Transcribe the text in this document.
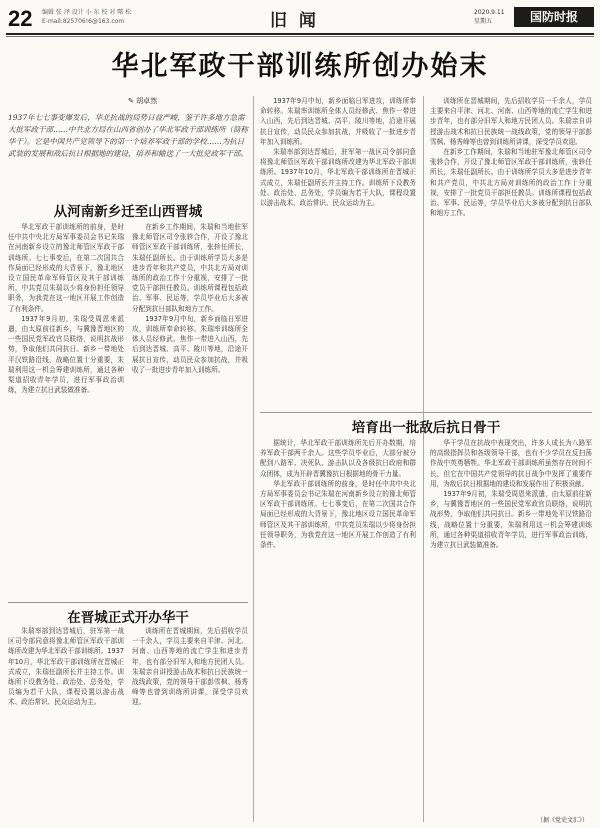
22 编辑 张 泽 设计 小 东 校 对 曙 松
E-mail:825706!6@163.com	旧 闻	2020.9.11
星期五	国防时报
华北军政干部训练所创办始末
✎ 胡卓然
1937年七七事变爆发后，华北抗战的局势日益严峻，鉴于许多地方急需大批军政干部……中共北方局在山西省创办了华北军政干部训练所（简称华干）。它是中国共产党领导下的第一个培养军政干部的学校……为抗日武装的发展和敌后抗日根据地的建设，培养和输送了一大批党政军干部。
从河南新乡迁至山西晋城

华北军政干部训练所的前身，是时任中共中央北方局军事委员会书记朱瑞在河南新乡设立的豫北师管区军政干部训练所。七七事变后，在第二次国共合作局面已经形成的大背景下，豫北地区设立国民革命军师管区及其干部训练所，中共党员朱瑞以少将身份担任领导职务，为我党在这一地区开展工作创造了有利条件。

1937年9月初，朱瑞受周恩来派遣，由太原前往新乡，与冀豫晋地区的一些国民党军政官员联络，说明抗战形势，争取他们共同抗日。新乡一带地处平汉铁路沿线，战略位置十分重要，朱瑞利用这一机会筹建训练所，通过各种渠道招收青年学员，进行军事政治训练，为建立抗日武装做准备。

在新乡工作期间，朱瑞和当地驻军豫北师管区司令张轸合作，开设了豫北师管区军政干部训练所，张轸任所长，朱瑞任副所长。由于训练所学员大多是进步青年和共产党员，中共北方局对训练所的政治工作十分重视，安排了一批党员干部担任教员。训练所课程包括政治、军事、民运等，学员毕业后大多被分配到抗日部队和地方工作。

1937年9月中旬，新乡面临日军进攻，训练所奉命转移。朱瑞率训练所全体人员经修武、焦作一带进入山西，先后到达晋城、高平、陵川等地，沿途开展抗日宣传，动员民众参加抗战，并吸收了一批进步青年加入训练所。

在晋城正式开办华干

朱瑞率部到达晋城后，驻军第一战区司令部同意将豫北师管区军政干部训练所改建为华北军政干部训练所。1937年10月，华北军政干部训练所在晋城正式成立，朱瑞任副所长并主持工作。训练所下设教务处、政治处、总务处，学员编为若干大队，课程设置以游击战术、政治常识、民众运动为主。

训练所在晋城期间，先后招收学员一千余人，学员主要来自平津、河北、河南、山西等地的流亡学生和进步青年，也有部分旧军人和地方民团人员。朱瑞亲自讲授游击战术和抗日民族统一战线政策，党的领导干部彭雪枫、杨秀峰等也曾到训练所讲课，深受学员欢迎。

1937年9月中旬，新乡面临日军进攻，训练所奉命转移。朱瑞率训练所全体人员经修武、焦作一带进入山西，先后到达晋城、高平、陵川等地，沿途开展抗日宣传，动员民众参加抗战，并吸收了一批进步青年加入训练所。

朱瑞率部到达晋城后，驻军第一战区司令部同意将豫北师管区军政干部训练所改建为华北军政干部训练所。1937年10月，华北军政干部训练所在晋城正式成立，朱瑞任副所长并主持工作。训练所下设教务处、政治处、总务处，学员编为若干大队，课程设置以游击战术、政治常识、民众运动为主。

训练所在晋城期间，先后招收学员一千余人，学员主要来自平津、河北、河南、山西等地的流亡学生和进步青年，也有部分旧军人和地方民团人员。朱瑞亲自讲授游击战术和抗日民族统一战线政策，党的领导干部彭雪枫、杨秀峰等也曾到训练所讲课，深受学员欢迎。

在新乡工作期间，朱瑞和当地驻军豫北师管区司令张轸合作，开设了豫北师管区军政干部训练所，张轸任所长，朱瑞任副所长。由于训练所学员大多是进步青年和共产党员，中共北方局对训练所的政治工作十分重视，安排了一批党员干部担任教员。训练所课程包括政治、军事、民运等，学员毕业后大多被分配到抗日部队和地方工作。

培育出一批敌后抗日骨干

据统计，华北军政干部训练所先后开办数期，培养军政干部两千余人。这些学员毕业后，大部分被分配到八路军、决死队、游击队以及各级抗日政府和群众团体，成为开辟晋冀豫抗日根据地的骨干力量。

华北军政干部训练所的前身，是时任中共中央北方局军事委员会书记朱瑞在河南新乡设立的豫北师管区军政干部训练所。七七事变后，在第二次国共合作局面已经形成的大背景下，豫北地区设立国民革命军师管区及其干部训练所，中共党员朱瑞以少将身份担任领导职务，为我党在这一地区开展工作创造了有利条件。

华干学员在抗战中表现突出，许多人成长为八路军的高级指挥员和各级领导干部，也有不少学员在反扫荡作战中英勇牺牲。华北军政干部训练所虽然存在时间不长，但它在中国共产党领导的抗日战争中发挥了重要作用，为敌后抗日根据地的建设和发展作出了积极贡献。

1937年9月初，朱瑞受周恩来派遣，由太原前往新乡，与冀豫晋地区的一些国民党军政官员联络，说明抗战形势，争取他们共同抗日。新乡一带地处平汉铁路沿线，战略位置十分重要，朱瑞利用这一机会筹建训练所，通过各种渠道招收青年学员，进行军事政治训练，为建立抗日武装做准备。

（据《党史文汇》）
